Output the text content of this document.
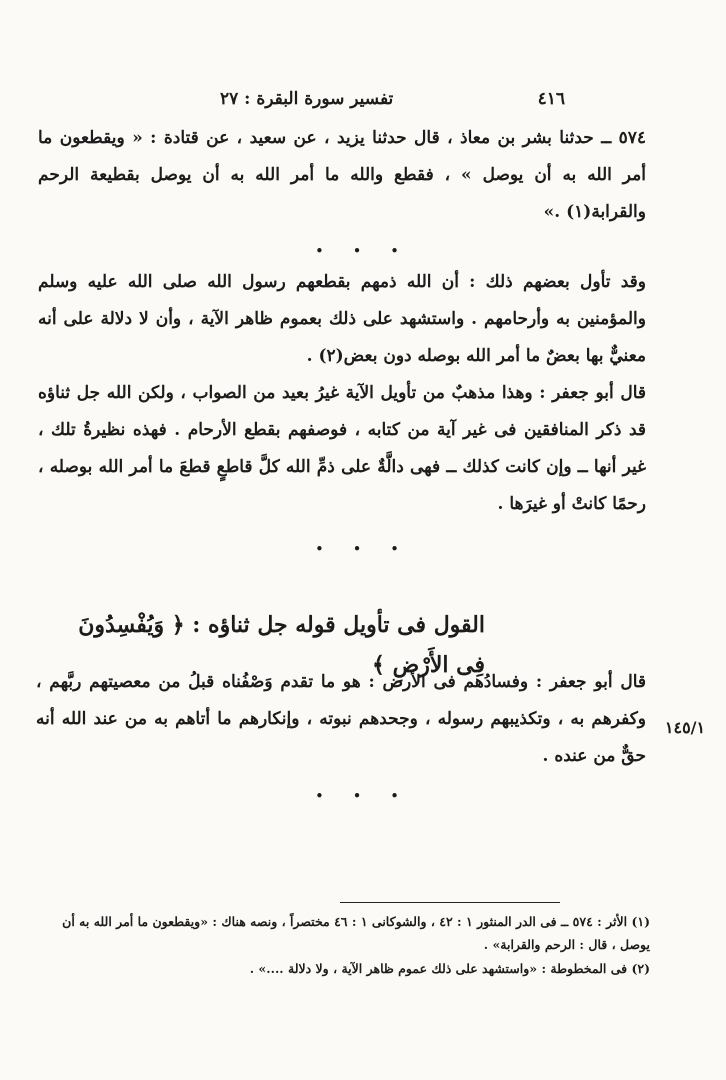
٤١٦
تفسير سورة البقرة : ٢٧
٥٧٤ ــ حدثنا بشر بن معاذ ، قال حدثنا يزيد ، عن سعيد ، عن قتادة : « ويقطعون ما أمر الله به أن يوصل » ، فقطع والله ما أمر الله به أن يوصل بقطيعة الرحم والقرابة(١) .»
• • •
وقد تأول بعضهم ذلك : أن الله ذمهم بقطعهم رسول الله صلى الله عليه وسلم والمؤمنين به وأرحامهم . واستشهد على ذلك بعموم ظاهر الآية ، وأن لا دلالة على أنه معنيٌّ بها بعضٌ ما أمر الله بوصله دون بعض(٢) .
قال أبو جعفر : وهذا مذهبٌ من تأويل الآية غيرُ بعيد من الصواب ، ولكن الله جل ثناؤه قد ذكر المنافقين فى غير آية من كتابه ، فوصفهم بقطع الأرحام . فهذه نظيرةُ تلك ، غير أنها ــ وإن كانت كذلك ــ فهى دالَّةٌ على ذمِّ الله كلَّ قاطعٍ قطعَ ما أمر الله بوصله ، رحمًا كانتْ أو غيرَها .
• • •
القول فى تأويل قوله جل ثناؤه : ﴿ وَيُفْسِدُونَ فِى الأَرْضِ ﴾
١٤٥/١
قال أبو جعفر : وفسادُهم فى الأرض : هو ما تقدم وَصْفُناه قبلُ من معصيتهم ربَّهم ، وكفرهم به ، وتكذيبهم رسوله ، وجحدهم نبوته ، وإنكارهم ما أتاهم به من عند الله أنه حقٌّ من عنده .
• • •
(١) الأثر : ٥٧٤ ــ فى الدر المنثور ١ : ٤٢ ، والشوكانى ١ : ٤٦ مختصراً ، ونصه هناك : «ويقطعون ما أمر الله به أن يوصل ، قال : الرحم والقرابة» .
(٢) فى المخطوطة : «واستشهد على ذلك عموم ظاهر الآية ، ولا دلالة ....» .
